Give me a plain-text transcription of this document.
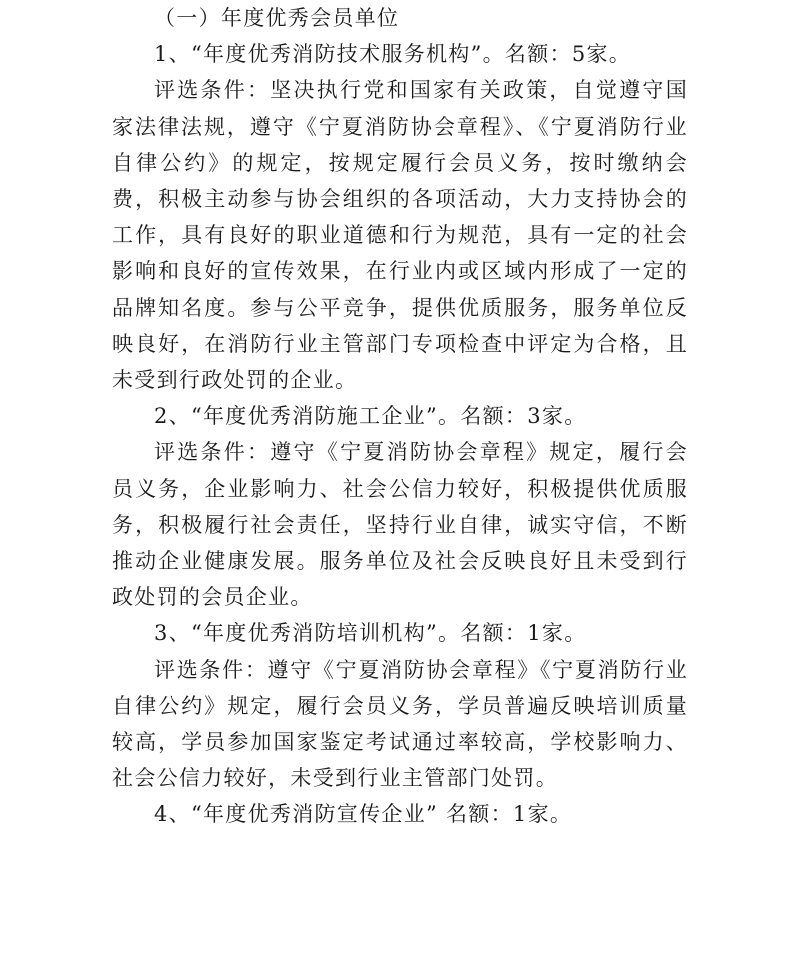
（一）年度优秀会员单位

1、“年度优秀消防技术服务机构”。名额：5家。

评选条件：坚决执行党和国家有关政策，自觉遵守国家法律法规，遵守《宁夏消防协会章程》、《宁夏消防行业自律公约》的规定，按规定履行会员义务，按时缴纳会费，积极主动参与协会组织的各项活动，大力支持协会的工作，具有良好的职业道德和行为规范，具有一定的社会影响和良好的宣传效果，在行业内或区域内形成了一定的品牌知名度。参与公平竞争，提供优质服务，服务单位反映良好，在消防行业主管部门专项检查中评定为合格，且未受到行政处罚的企业。

2、“年度优秀消防施工企业”。名额：3家。

评选条件：遵守《宁夏消防协会章程》规定，履行会员义务，企业影响力、社会公信力较好，积极提供优质服务，积极履行社会责任，坚持行业自律，诚实守信，不断推动企业健康发展。服务单位及社会反映良好且未受到行政处罚的会员企业。

3、“年度优秀消防培训机构”。名额：1家。

评选条件：遵守《宁夏消防协会章程》《宁夏消防行业自律公约》规定，履行会员义务，学员普遍反映培训质量较高，学员参加国家鉴定考试通过率较高，学校影响力、社会公信力较好，未受到行业主管部门处罚。

4、“年度优秀消防宣传企业” 名额：1家。
